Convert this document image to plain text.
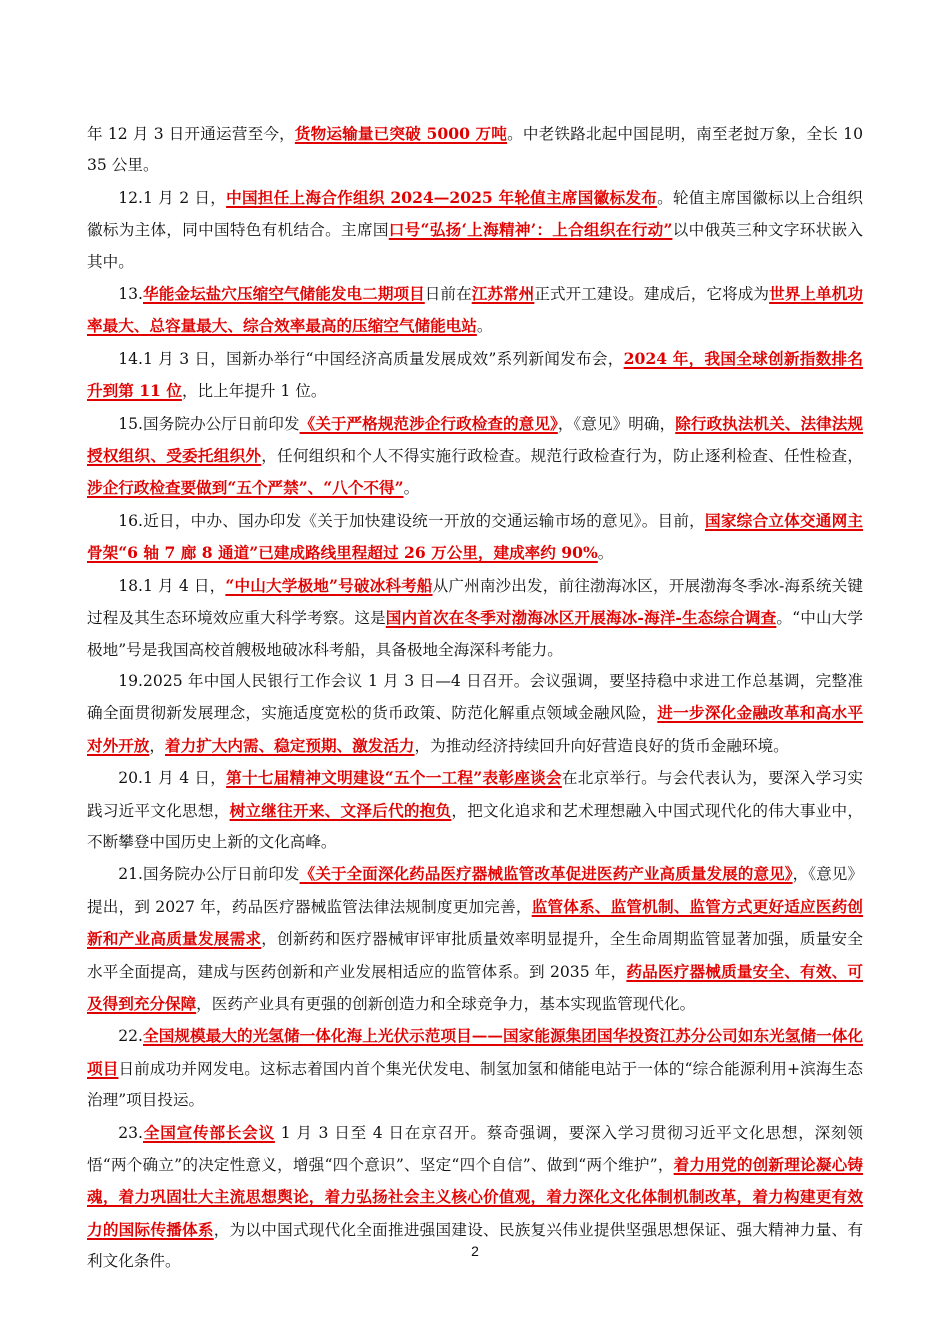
年 12 月 3 日开通运营至今，货物运输量已突破 5000 万吨。中老铁路北起中国昆明，南至老挝万象，全长 1035 公里。

12.1 月 2 日，中国担任上海合作组织 2024—2025 年轮值主席国徽标发布。轮值主席国徽标以上合组织徽标为主体，同中国特色有机结合。主席国口号“弘扬‘上海精神’：上合组织在行动”以中俄英三种文字环状嵌入其中。

13.华能金坛盐穴压缩空气储能发电二期项目日前在江苏常州正式开工建设。建成后，它将成为世界上单机功率最大、总容量最大、综合效率最高的压缩空气储能电站。

14.1 月 3 日，国新办举行“中国经济高质量发展成效”系列新闻发布会，2024 年，我国全球创新指数排名升到第 11 位，比上年提升 1 位。

15.国务院办公厅日前印发《关于严格规范涉企行政检查的意见》，《意见》明确，除行政执法机关、法律法规授权组织、受委托组织外，任何组织和个人不得实施行政检查。规范行政检查行为，防止逐利检查、任性检查，涉企行政检查要做到“五个严禁”、“八个不得”。

16.近日，中办、国办印发《关于加快建设统一开放的交通运输市场的意见》。目前，国家综合立体交通网主骨架“6 轴 7 廊 8 通道”已建成路线里程超过 26 万公里，建成率约 90%。

18.1 月 4 日，“中山大学极地”号破冰科考船从广州南沙出发，前往渤海冰区，开展渤海冬季冰-海系统关键过程及其生态环境效应重大科学考察。这是国内首次在冬季对渤海冰区开展海冰-海洋-生态综合调查。“中山大学极地”号是我国高校首艘极地破冰科考船，具备极地全海深科考能力。

19.2025 年中国人民银行工作会议 1 月 3 日—4 日召开。会议强调，要坚持稳中求进工作总基调，完整准确全面贯彻新发展理念，实施适度宽松的货币政策、防范化解重点领域金融风险，进一步深化金融改革和高水平对外开放，着力扩大内需、稳定预期、激发活力，为推动经济持续回升向好营造良好的货币金融环境。

20.1 月 4 日，第十七届精神文明建设“五个一工程”表彰座谈会在北京举行。与会代表认为，要深入学习实践习近平文化思想，树立继往开来、文泽后代的抱负，把文化追求和艺术理想融入中国式现代化的伟大事业中，不断攀登中国历史上新的文化高峰。

21.国务院办公厅日前印发《关于全面深化药品医疗器械监管改革促进医药产业高质量发展的意见》，《意见》提出，到 2027 年，药品医疗器械监管法律法规制度更加完善，监管体系、监管机制、监管方式更好适应医药创新和产业高质量发展需求，创新药和医疗器械审评审批质量效率明显提升，全生命周期监管显著加强，质量安全水平全面提高，建成与医药创新和产业发展相适应的监管体系。到 2035 年，药品医疗器械质量安全、有效、可及得到充分保障，医药产业具有更强的创新创造力和全球竞争力，基本实现监管现代化。

22.全国规模最大的光氢储一体化海上光伏示范项目——国家能源集团国华投资江苏分公司如东光氢储一体化项目日前成功并网发电。这标志着国内首个集光伏发电、制氢加氢和储能电站于一体的“综合能源利用+滨海生态治理”项目投运。

23.全国宣传部长会议 1 月 3 日至 4 日在京召开。蔡奇强调，要深入学习贯彻习近平文化思想，深刻领悟“两个确立”的决定性意义，增强“四个意识”、坚定“四个自信”、做到“两个维护”，着力用党的创新理论凝心铸魂，着力巩固壮大主流思想舆论，着力弘扬社会主义核心价值观，着力深化文化体制机制改革，着力构建更有效力的国际传播体系，为以中国式现代化全面推进强国建设、民族复兴伟业提供坚强思想保证、强大精神力量、有利文化条件。

2
